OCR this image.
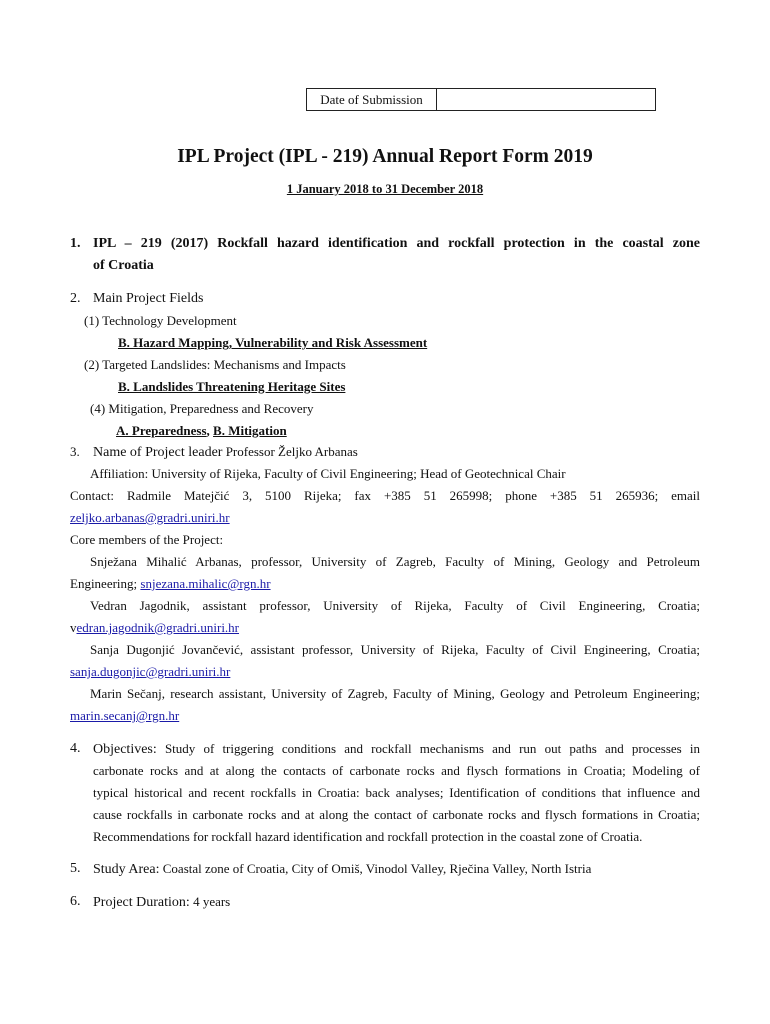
Date of Submission
IPL Project (IPL - 219) Annual Report Form 2019
1 January 2018 to 31 December 2018
1. IPL – 219 (2017) Rockfall hazard identification and rockfall protection in the coastal zone
of Croatia
2. Main Project Fields
(1) Technology Development
B. Hazard Mapping, Vulnerability and Risk Assessment
(2) Targeted Landslides: Mechanisms and Impacts
B. Landslides Threatening Heritage Sites
(4) Mitigation, Preparedness and Recovery
A. Preparedness, B. Mitigation
3. Name of Project leader Professor Željko Arbanas
Affiliation: University of Rijeka, Faculty of Civil Engineering; Head of Geotechnical Chair
Contact: Radmile Matejčić 3, 5100 Rijeka; fax +385 51 265998; phone +385 51 265936; email
zeljko.arbanas@gradri.uniri.hr
Core members of the Project:
Snježana Mihalić Arbanas, professor, University of Zagreb, Faculty of Mining, Geology and Petroleum
Engineering; snjezana.mihalic@rgn.hr
Vedran Jagodnik, assistant professor, University of Rijeka, Faculty of Civil Engineering, Croatia;
vedran.jagodnik@gradri.uniri.hr
Sanja Dugonjić Jovančević, assistant professor, University of Rijeka, Faculty of Civil Engineering, Croatia;
sanja.dugonjic@gradri.uniri.hr
Marin Sečanj, research assistant, University of Zagreb, Faculty of Mining, Geology and Petroleum Engineering;
marin.secanj@rgn.hr
4. Objectives: Study of triggering conditions and rockfall mechanisms and run out paths and processes in
carbonate rocks and at along the contacts of carbonate rocks and flysch formations in Croatia; Modeling of
typical historical and recent rockfalls in Croatia: back analyses; Identification of conditions that influence and
cause rockfalls in carbonate rocks and at along the contact of carbonate rocks and flysch formations in Croatia;
Recommendations for rockfall hazard identification and rockfall protection in the coastal zone of Croatia.
5. Study Area: Coastal zone of Croatia, City of Omiš, Vinodol Valley, Rječina Valley, North Istria
6. Project Duration: 4 years
